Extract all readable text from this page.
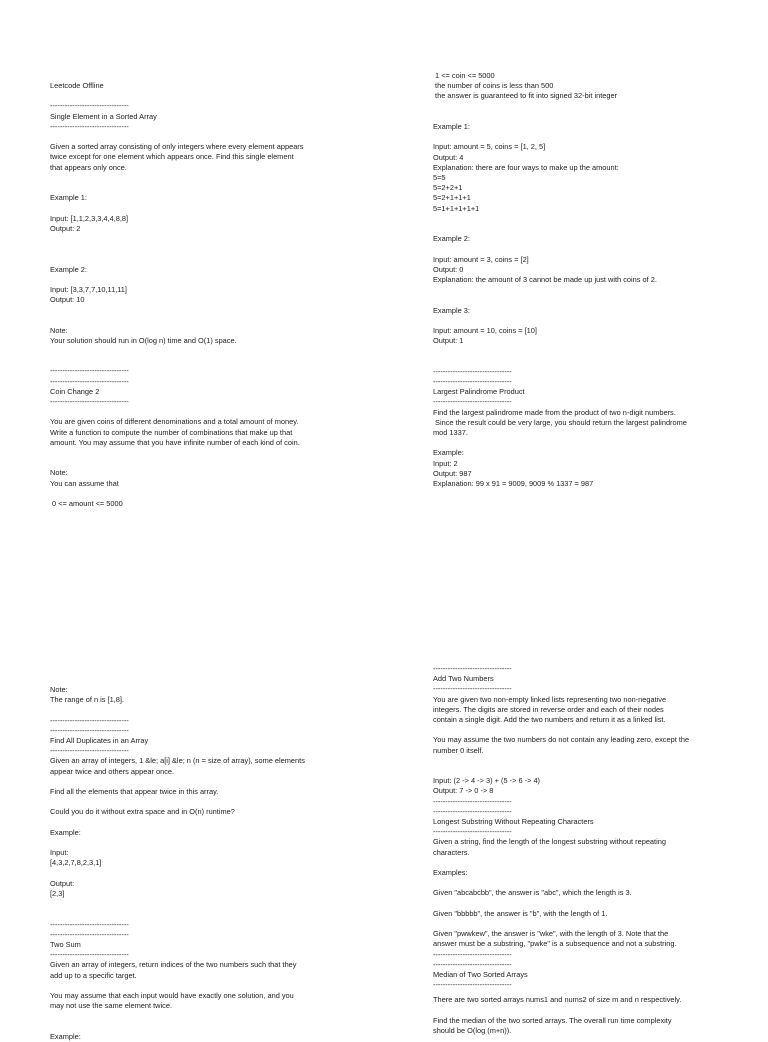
Leetcode Offline

--------------------------------

Single Element in a Sorted Array

--------------------------------

Given a sorted array consisting of only integers where every element appears

twice except for one element which appears once. Find this single element

that appears only once.

Example 1:

Input: [1,1,2,3,3,4,4,8,8]

Output: 2

Example 2:

Input: [3,3,7,7,10,11,11]

Output: 10

Note:

Your solution should run in O(log n) time and O(1) space.

--------------------------------

--------------------------------

Coin Change 2

--------------------------------

You are given coins of different denominations and a total amount of money.

Write a function to compute the number of combinations that make up that

amount. You may assume that you have infinite number of each kind of coin.

Note:

You can assume that

0 <= amount <= 5000

1 <= coin <= 5000

the number of coins is less than 500

the answer is guaranteed to fit into signed 32-bit integer

Example 1:

Input: amount = 5, coins = [1, 2, 5]

Output: 4

Explanation: there are four ways to make up the amount:

5=5

5=2+2+1

5=2+1+1+1

5=1+1+1+1+1

Example 2:

Input: amount = 3, coins = [2]

Output: 0

Explanation: the amount of 3 cannot be made up just with coins of 2.

Example 3:

Input: amount = 10, coins = [10]

Output: 1

--------------------------------

--------------------------------

Largest Palindrome Product

--------------------------------

Find the largest palindrome made from the product of two n-digit numbers.

Since the result could be very large, you should return the largest palindrome

mod 1337.

Example:

Input: 2

Output: 987

Explanation: 99 x 91 = 9009, 9009 % 1337 = 987

Note:

The range of n is [1,8].

--------------------------------

--------------------------------

Find All Duplicates in an Array

--------------------------------

Given an array of integers, 1 &le; a[i] &le; n (n = size of array), some elements

appear twice and others appear once.

Find all the elements that appear twice in this array.

Could you do it without extra space and in O(n) runtime?

Example:

Input:

[4,3,2,7,8,2,3,1]

Output:

[2,3]

--------------------------------

--------------------------------

Two Sum

--------------------------------

Given an array of integers, return indices of the two numbers such that they

add up to a specific target.

You may assume that each input would have exactly one solution, and you

may not use the same element twice.

Example:

--------------------------------

Add Two Numbers

--------------------------------

You are given two non-empty linked lists representing two non-negative

integers. The digits are stored in reverse order and each of their nodes

contain a single digit. Add the two numbers and return it as a linked list.

You may assume the two numbers do not contain any leading zero, except the

number 0 itself.

Input: (2 -> 4 -> 3) + (5 -> 6 -> 4)

Output: 7 -> 0 -> 8

--------------------------------

--------------------------------

Longest Substring Without Repeating Characters

--------------------------------

Given a string, find the length of the longest substring without repeating

characters.

Examples:

Given "abcabcbb", the answer is "abc", which the length is 3.

Given "bbbbb", the answer is "b", with the length of 1.

Given "pwwkew", the answer is "wke", with the length of 3. Note that the

answer must be a substring, "pwke" is a subsequence and not a substring.

--------------------------------

--------------------------------

Median of Two Sorted Arrays

--------------------------------

There are two sorted arrays nums1 and nums2 of size m and n respectively.

Find the median of the two sorted arrays. The overall run time complexity

should be O(log (m+n)).
